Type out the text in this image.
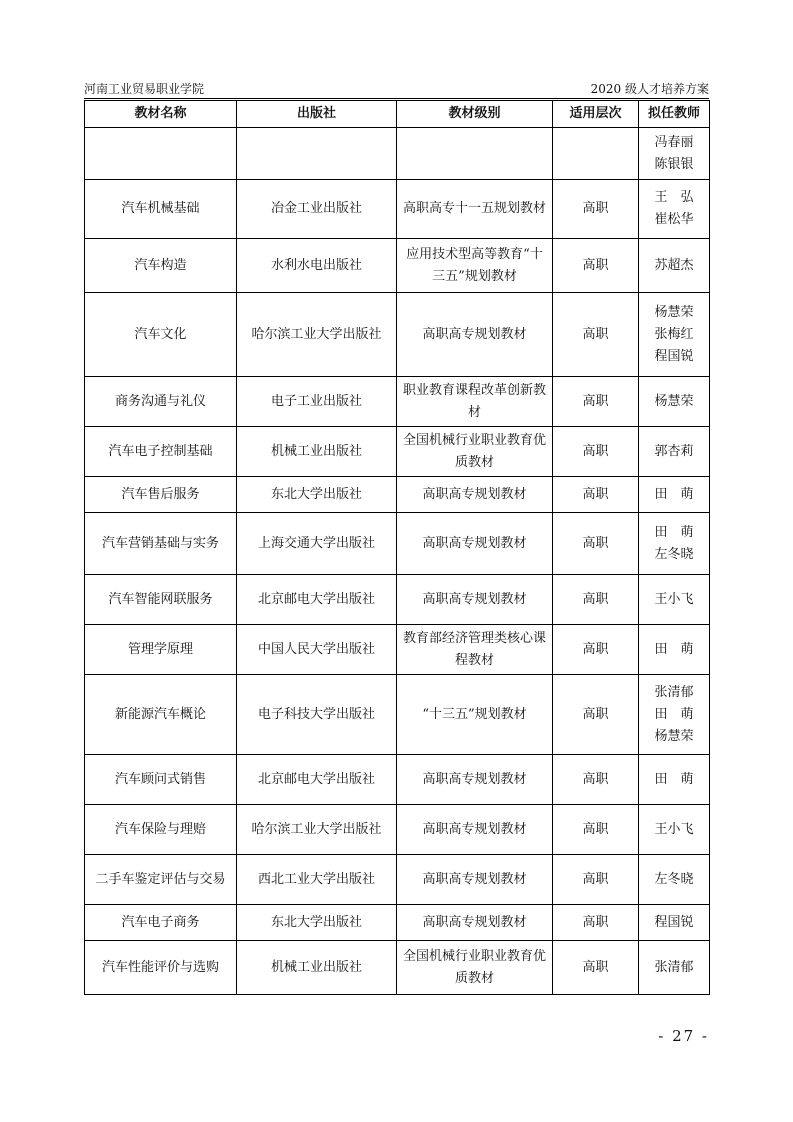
河南工业贸易职业学院	2020 级人才培养方案
教材名称	出版社	教材级别	适用层次	拟任教师

				冯春丽
陈银银

汽车机械基础	冶金工业出版社	高职高专十一五规划教材	高职	王　弘
崔松华

汽车构造	水利水电出版社	应用技术型高等教育“十三五”规划教材	高职	苏超杰

汽车文化	哈尔滨工业大学出版社	高职高专规划教材	高职	杨慧荣
张梅红
程国锐

商务沟通与礼仪	电子工业出版社	职业教育课程改革创新教材	高职	杨慧荣

汽车电子控制基础	机械工业出版社	全国机械行业职业教育优质教材	高职	郭杏莉

汽车售后服务	东北大学出版社	高职高专规划教材	高职	田　萌

汽车营销基础与实务	上海交通大学出版社	高职高专规划教材	高职	田　萌
左冬晓

汽车智能网联服务	北京邮电大学出版社	高职高专规划教材	高职	王小飞

管理学原理	中国人民大学出版社	教育部经济管理类核心课程教材	高职	田　萌

新能源汽车概论	电子科技大学出版社	“十三五”规划教材	高职	张清郁
田　萌
杨慧荣

汽车顾问式销售	北京邮电大学出版社	高职高专规划教材	高职	田　萌

汽车保险与理赔	哈尔滨工业大学出版社	高职高专规划教材	高职	王小飞

二手车鉴定评估与交易	西北工业大学出版社	高职高专规划教材	高职	左冬晓

汽车电子商务	东北大学出版社	高职高专规划教材	高职	程国锐

汽车性能评价与选购	机械工业出版社	全国机械行业职业教育优质教材	高职	张清郁
- 27 -
